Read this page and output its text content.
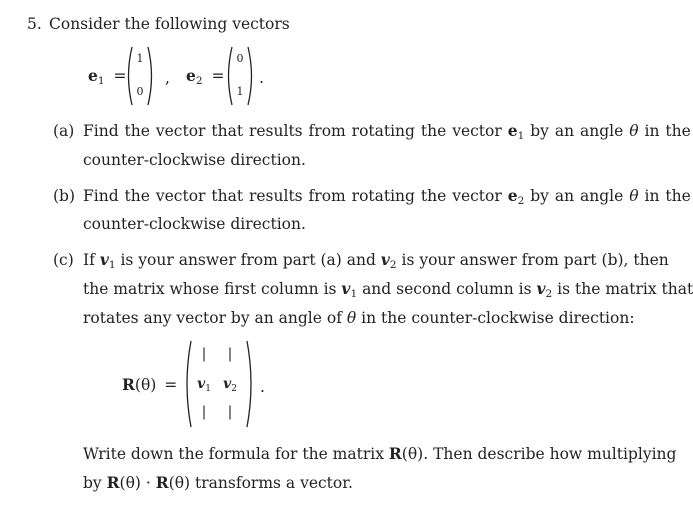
5. Consider the following vectors
e1 =
1
0
, e2 =
0
1
.
(a) Find the vector that results from rotating the vector e1 by an angle θ in the
counter-clockwise direction.
(b) Find the vector that results from rotating the vector e2 by an angle θ in the
counter-clockwise direction.
(c) If v1 is your answer from part (a) and v2 is your answer from part (b), then
the matrix whose first column is v1 and second column is v2 is the matrix that
rotates any vector by an angle of θ in the counter-clockwise direction:
R(θ) =
|	|
$v_1$ $v_2$
|	|
.
Write down the formula for the matrix R(θ). Then describe how multiplying
by R(θ) · R(θ) transforms a vector.
